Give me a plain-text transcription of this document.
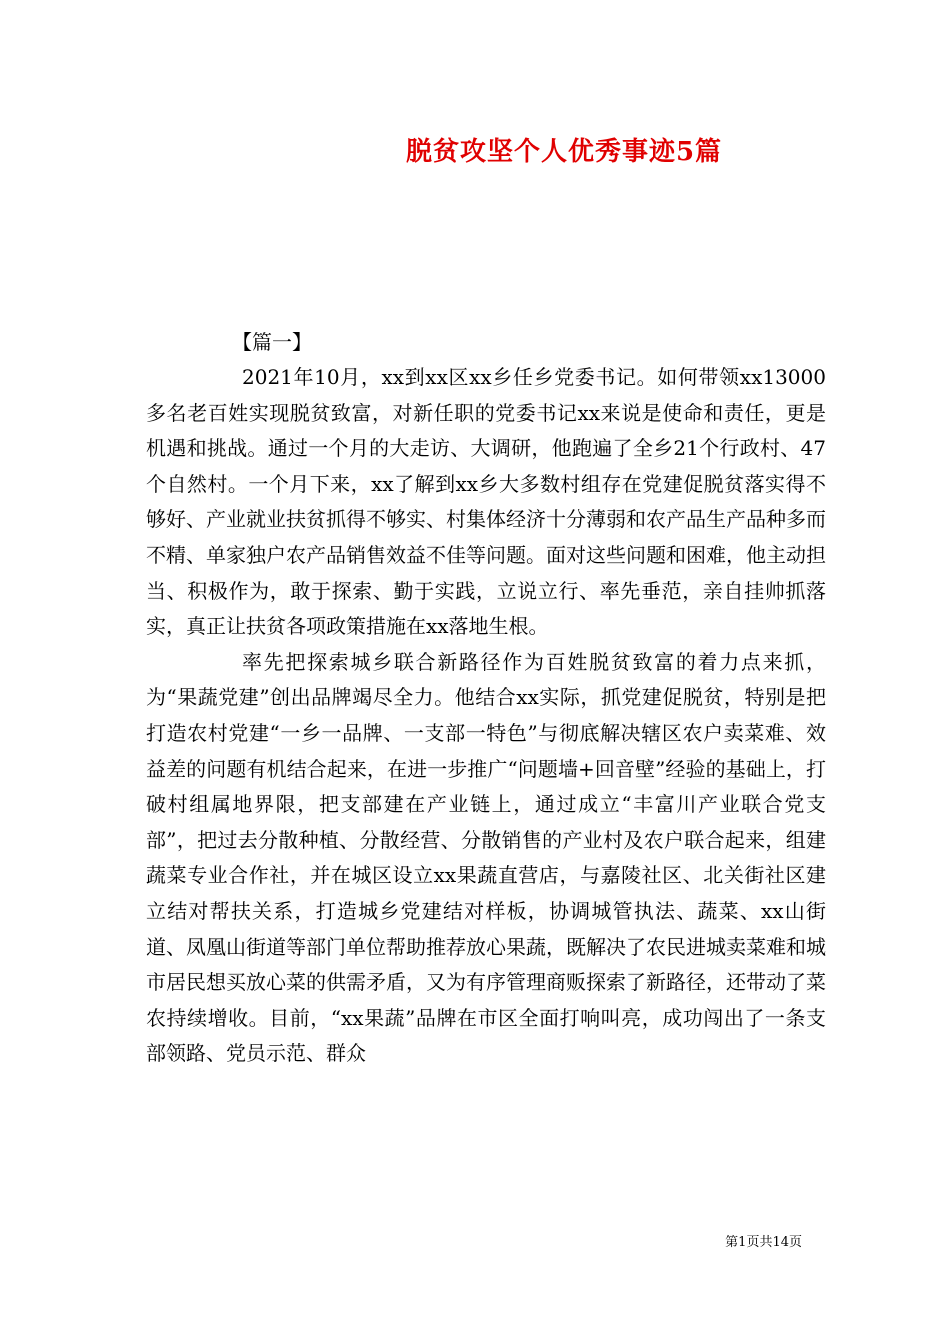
脱贫攻坚个人优秀事迹5篇
【篇一】

2021年10月，xx到xx区xx乡任乡党委书记。如何带领xx13000多名老百姓实现脱贫致富，对新任职的党委书记xx来说是使命和责任，更是机遇和挑战。通过一个月的大走访、大调研，他跑遍了全乡21个行政村、47个自然村。一个月下来，xx了解到xx乡大多数村组存在党建促脱贫落实得不够好、产业就业扶贫抓得不够实、村集体经济十分薄弱和农产品生产品种多而不精、单家独户农产品销售效益不佳等问题。面对这些问题和困难，他主动担当、积极作为，敢于探索、勤于实践，立说立行、率先垂范，亲自挂帅抓落实，真正让扶贫各项政策措施在xx落地生根。

率先把探索城乡联合新路径作为百姓脱贫致富的着力点来抓，为“果蔬党建”创出品牌竭尽全力。他结合xx实际，抓党建促脱贫，特别是把打造农村党建“一乡一品牌、一支部一特色”与彻底解决辖区农户卖菜难、效益差的问题有机结合起来，在进一步推广“问题墙+回音壁”经验的基础上，打破村组属地界限，把支部建在产业链上，通过成立“丰富川产业联合党支部”，把过去分散种植、分散经营、分散销售的产业村及农户联合起来，组建蔬菜专业合作社，并在城区设立xx果蔬直营店，与嘉陵社区、北关街社区建立结对帮扶关系，打造城乡党建结对样板，协调城管执法、蔬菜、xx山街道、凤凰山街道等部门单位帮助推荐放心果蔬，既解决了农民进城卖菜难和城市居民想买放心菜的供需矛盾，又为有序管理商贩探索了新路径，还带动了菜农持续增收。目前，“xx果蔬”品牌在市区全面打响叫亮，成功闯出了一条支部领路、党员示范、群众

第1页共14页
